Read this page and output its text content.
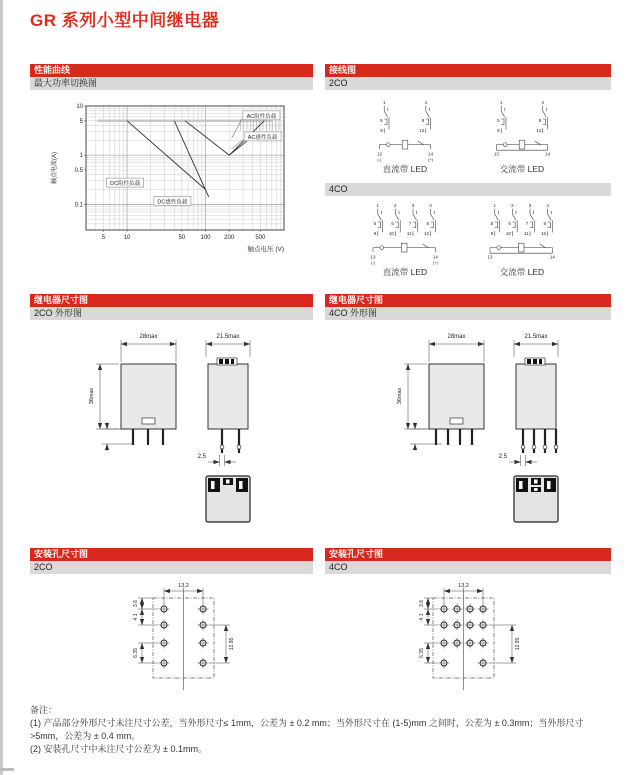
GR 系列小型中间继电器
性能曲线
最大功率切换图
接线图
2CO
5	10	50	100 200	500
10
5
1
0.5
0.1
触点电压 (V)
触点电流(A)
DC阻性负载
DC感性负载
AC阻性负载
AC感性负载
1
5
9
4
8
12
13	14
(-)	(+)
1
5
9
4
8
12
13	14
直流带 LED	交流带 LED
4CO
1
5
9
2
6
10
3
7
11
4
8
12
13	14
(-)	(+)
1
5
9
2
6
10
3
7
11
4
8
12
13	14
直流带 LED	交流带 LED
继电器尺寸图
2CO 外形图
继电器尺寸图
4CO 外形图
28max
36max
21.5max
2.5
28max
36max
21.5max
2.5
安装孔尺寸图
2CO
安装孔尺寸图
4CO
13.2
3.6
4.1
6.35
12.95
13.2
3.6
4.1
6.35
12.95
备注：
(1) 产品部分外形尺寸未注尺寸公差，当外形尺寸≤ 1mm，公差为 ± 0.2 mm；当外形尺寸在 (1-5)mm 之间时，公差为 ± 0.3mm；当外形尺寸 >5mm，公差为 ± 0.4 mm。
(2) 安装孔尺寸中未注尺寸公差为 ± 0.1mm。
